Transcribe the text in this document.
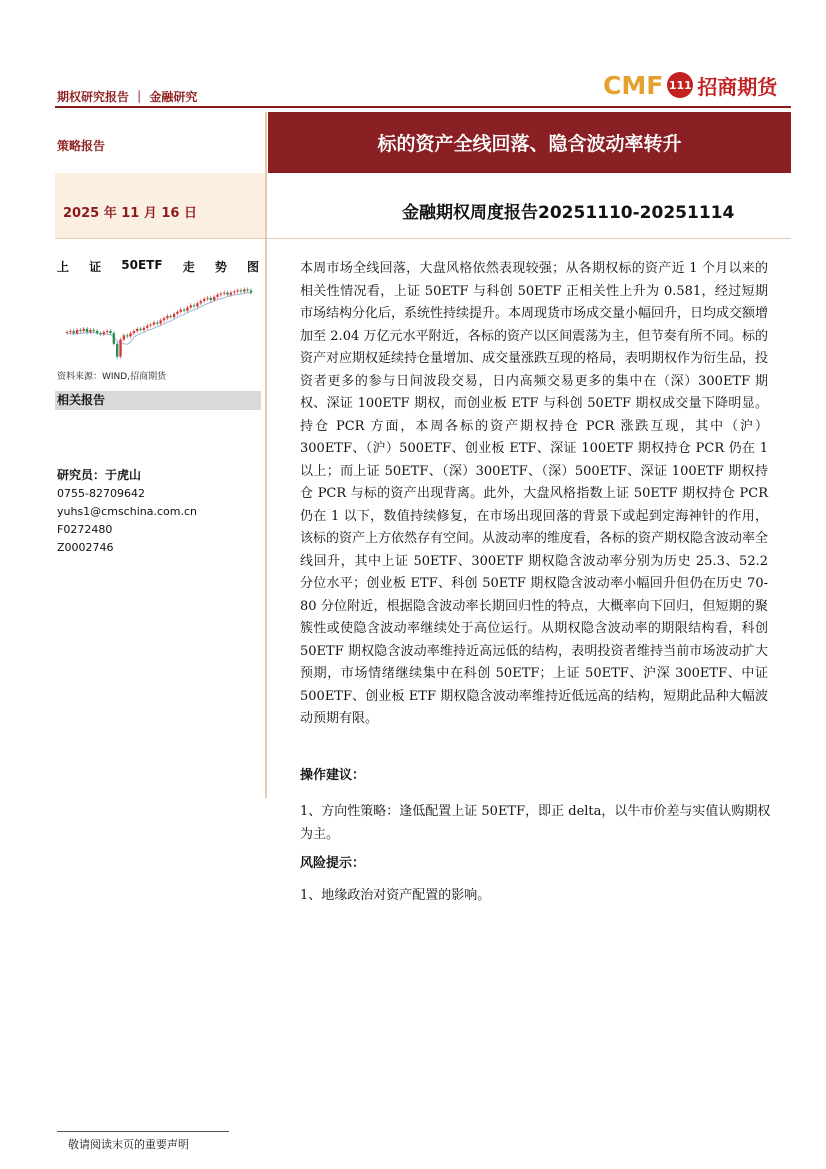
期权研究报告 ｜ 金融研究	CMF 111 招商期货
策略报告	标的资产全线回落、隐含波动率转升
2025 年 11 月 16 日	金融期权周度报告20251110-20251114
上 证 50ETF 走 势 图
资料来源：WIND,招商期货
相关报告
研究员：于虎山
0755-82709642
yuhs1@cmschina.com.cn
F0272480
Z0002746
本周市场全线回落，大盘风格依然表现较强；从各期权标的资产近 1 个月以来的相关性情况看，上证 50ETF 与科创 50ETF 正相关性上升为 0.581，经过短期市场结构分化后，系统性持续提升。本周现货市场成交量小幅回升，日均成交额增加至 2.04 万亿元水平附近，各标的资产以区间震荡为主，但节奏有所不同。标的资产对应期权延续持仓量增加、成交量涨跌互现的格局，表明期权作为衍生品，投资者更多的参与日间波段交易，日内高频交易更多的集中在（深）300ETF 期权、深证 100ETF 期权，而创业板 ETF 与科创 50ETF 期权成交量下降明显。持仓 PCR 方面，本周各标的资产期权持仓 PCR 涨跌互现，其中（沪）300ETF、（沪）500ETF、创业板 ETF、深证 100ETF 期权持仓 PCR 仍在 1 以上；而上证 50ETF、（深）300ETF、（深）500ETF、深证 100ETF 期权持仓 PCR 与标的资产出现背离。此外，大盘风格指数上证 50ETF 期权持仓 PCR 仍在 1 以下，数值持续修复，在市场出现回落的背景下或起到定海神针的作用，该标的资产上方依然存有空间。从波动率的维度看，各标的资产期权隐含波动率全线回升，其中上证 50ETF、300ETF 期权隐含波动率分别为历史 25.3、52.2 分位水平；创业板 ETF、科创 50ETF 期权隐含波动率小幅回升但仍在历史 70-80 分位附近，根据隐含波动率长期回归性的特点，大概率向下回归，但短期的聚簇性或使隐含波动率继续处于高位运行。从期权隐含波动率的期限结构看，科创 50ETF 期权隐含波动率维持近高远低的结构，表明投资者维持当前市场波动扩大预期，市场情绪继续集中在科创 50ETF；上证 50ETF、沪深 300ETF、中证 500ETF、创业板 ETF 期权隐含波动率维持近低远高的结构，短期此品种大幅波动预期有限。
操作建议：
1、方向性策略：逢低配置上证 50ETF，即正 delta，以牛市价差与实值认购期权为主。
风险提示：
1、地缘政治对资产配置的影响。
敬请阅读末页的重要声明
